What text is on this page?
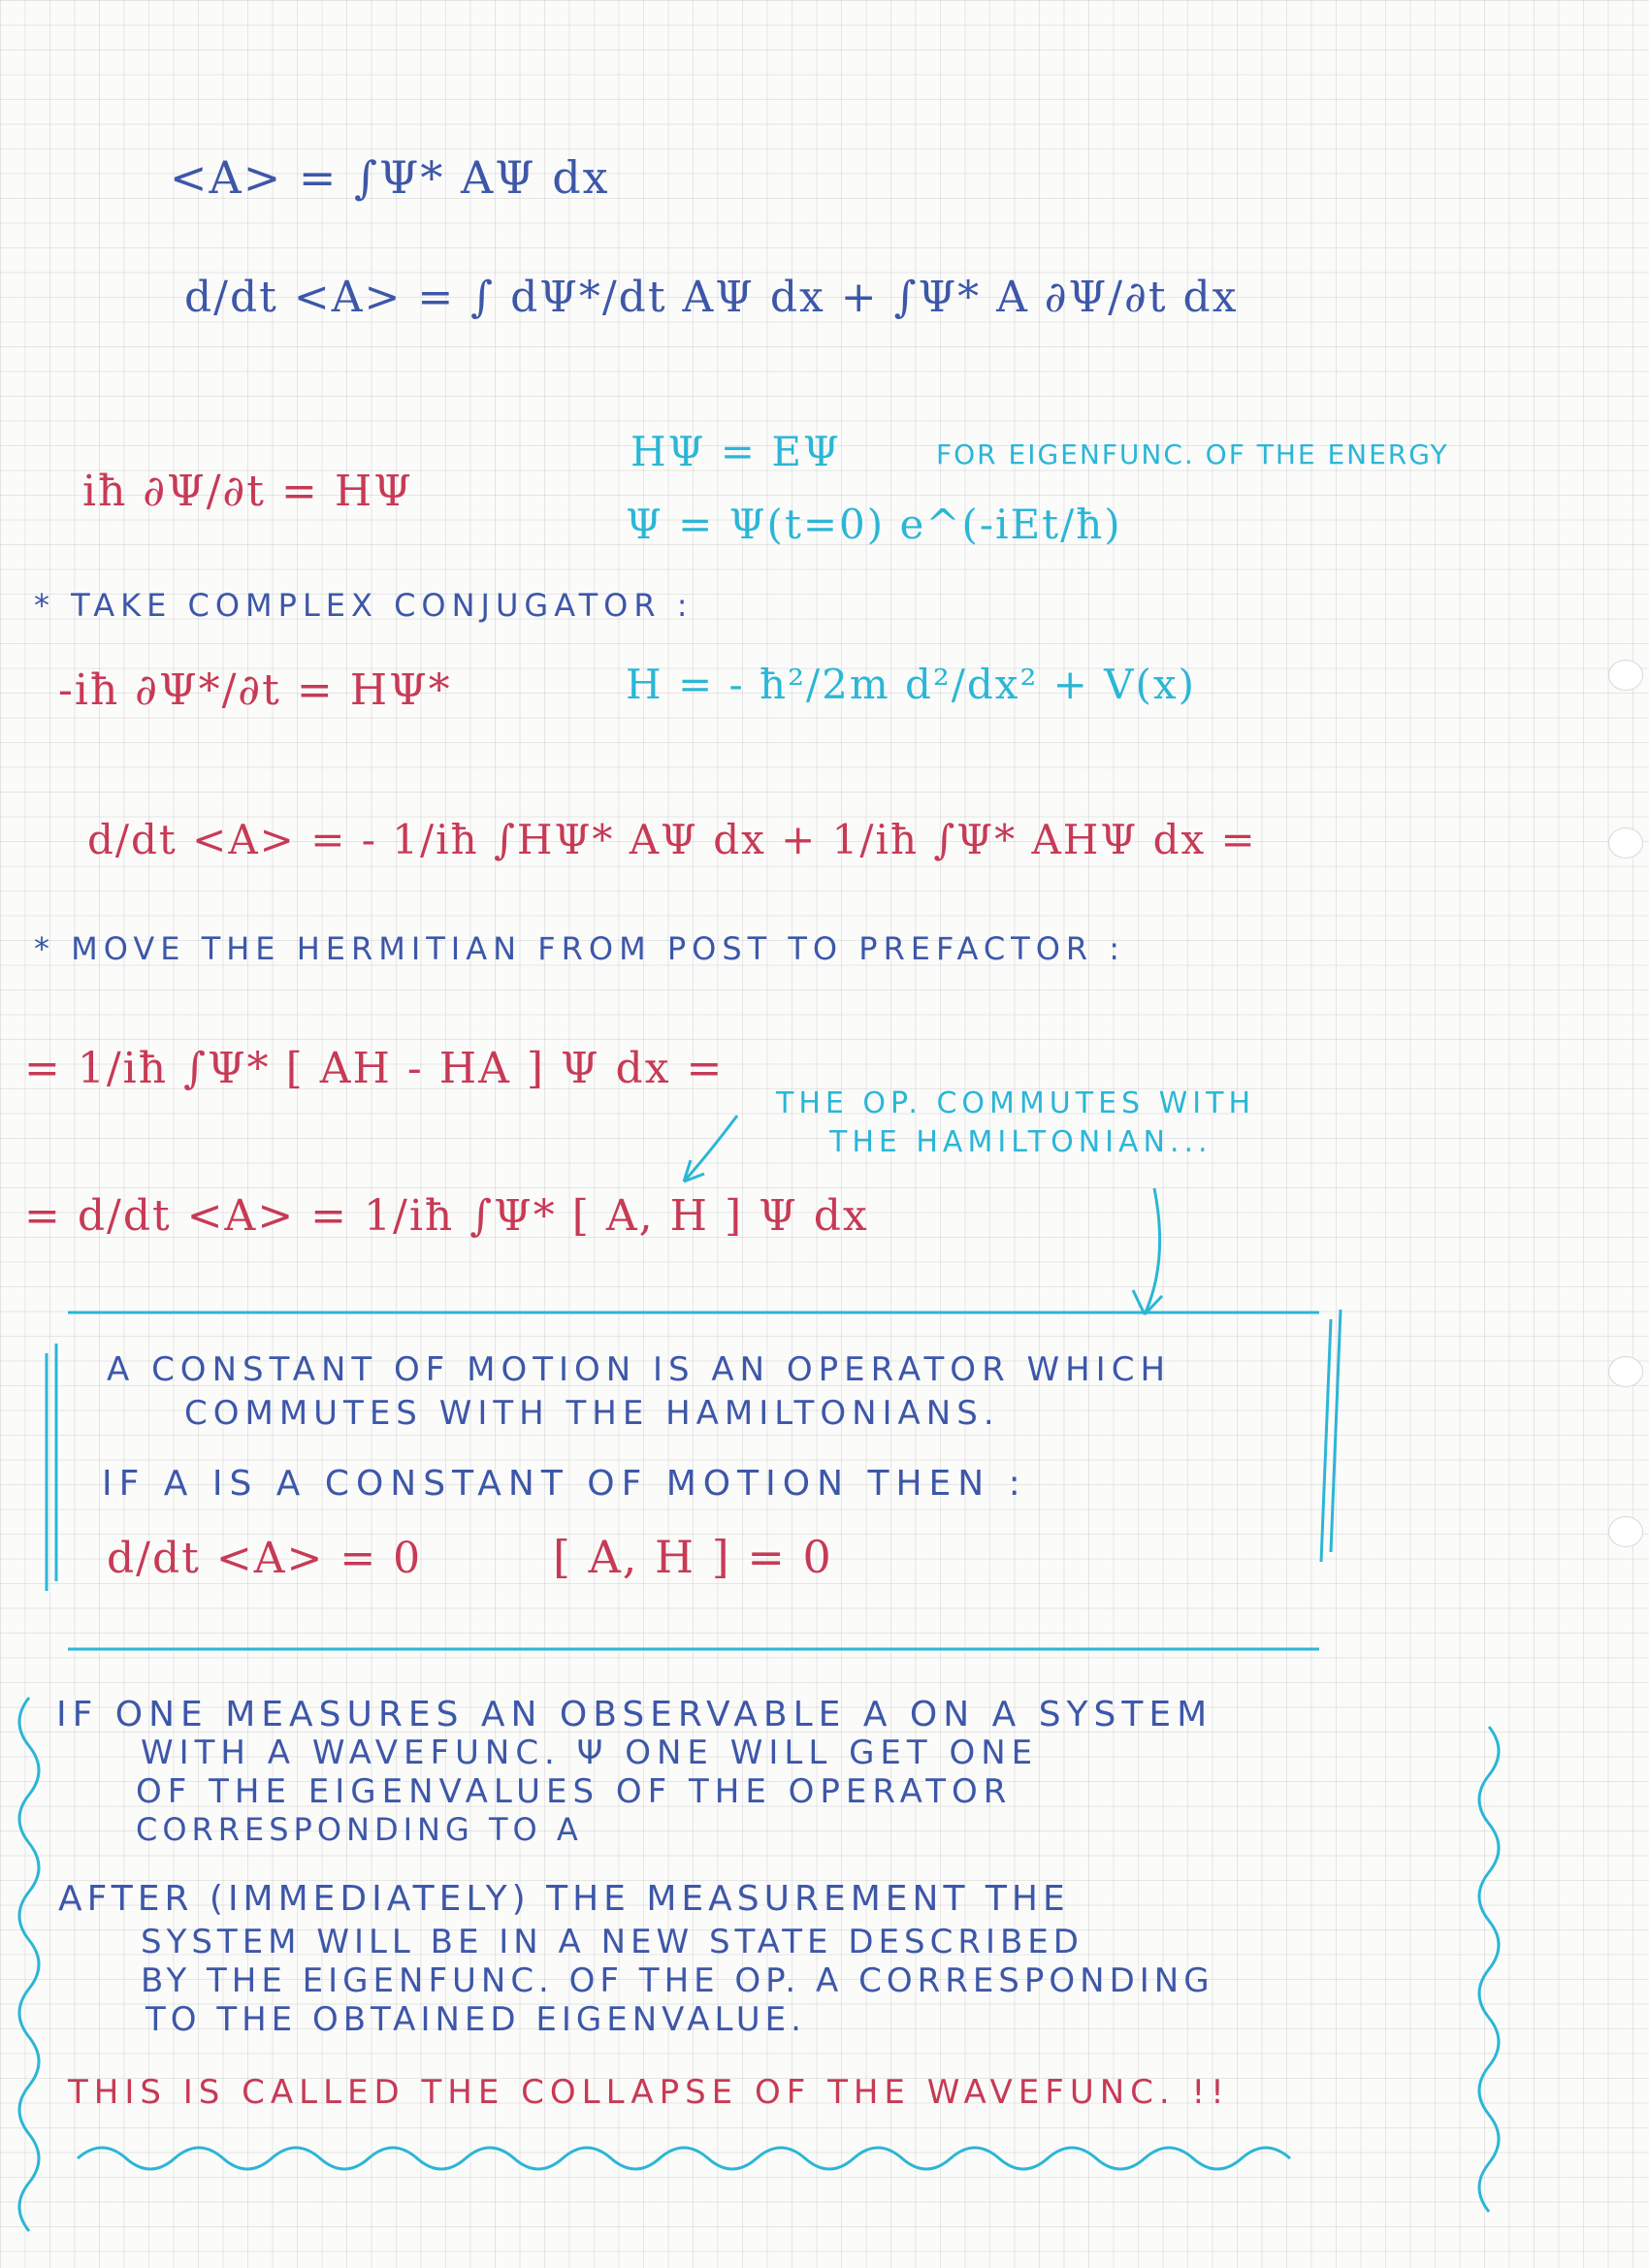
<A> = ∫Ψ* AΨ dx
d/dt <A> = ∫ dΨ*/dt AΨ dx + ∫Ψ* A ∂Ψ/∂t dx
iħ ∂Ψ/∂t = HΨ
HΨ = EΨ	FOR EIGENFUNC. OF THE ENERGY
Ψ = Ψ(t=0) e^(-iEt/ħ)
* TAKE COMPLEX CONJUGATOR :
-iħ ∂Ψ*/∂t = HΨ*	H = - ħ²/2m d²/dx² + V(x)
d/dt <A> = - 1/iħ ∫HΨ* AΨ dx + 1/iħ ∫Ψ* AHΨ dx =
* MOVE THE HERMITIAN FROM POST TO PREFACTOR :
= 1/iħ ∫Ψ* [ AH - HA ] Ψ dx =
THE OP. COMMUTES WITH
THE HAMILTONIAN...
= d/dt <A> = 1/iħ ∫Ψ* [ A, H ] Ψ dx
A CONSTANT OF MOTION IS AN OPERATOR WHICH
COMMUTES WITH THE HAMILTONIANS.
IF A IS A CONSTANT OF MOTION THEN :
d/dt <A> = 0	[ A, H ] = 0
IF ONE MEASURES AN OBSERVABLE A ON A SYSTEM
WITH A WAVEFUNC. Ψ ONE WILL GET ONE
OF THE EIGENVALUES OF THE OPERATOR
CORRESPONDING TO A
AFTER (IMMEDIATELY) THE MEASUREMENT THE
SYSTEM WILL BE IN A NEW STATE DESCRIBED
BY THE EIGENFUNC. OF THE OP. A CORRESPONDING
TO THE OBTAINED EIGENVALUE.
THIS IS CALLED THE COLLAPSE OF THE WAVEFUNC. !!
